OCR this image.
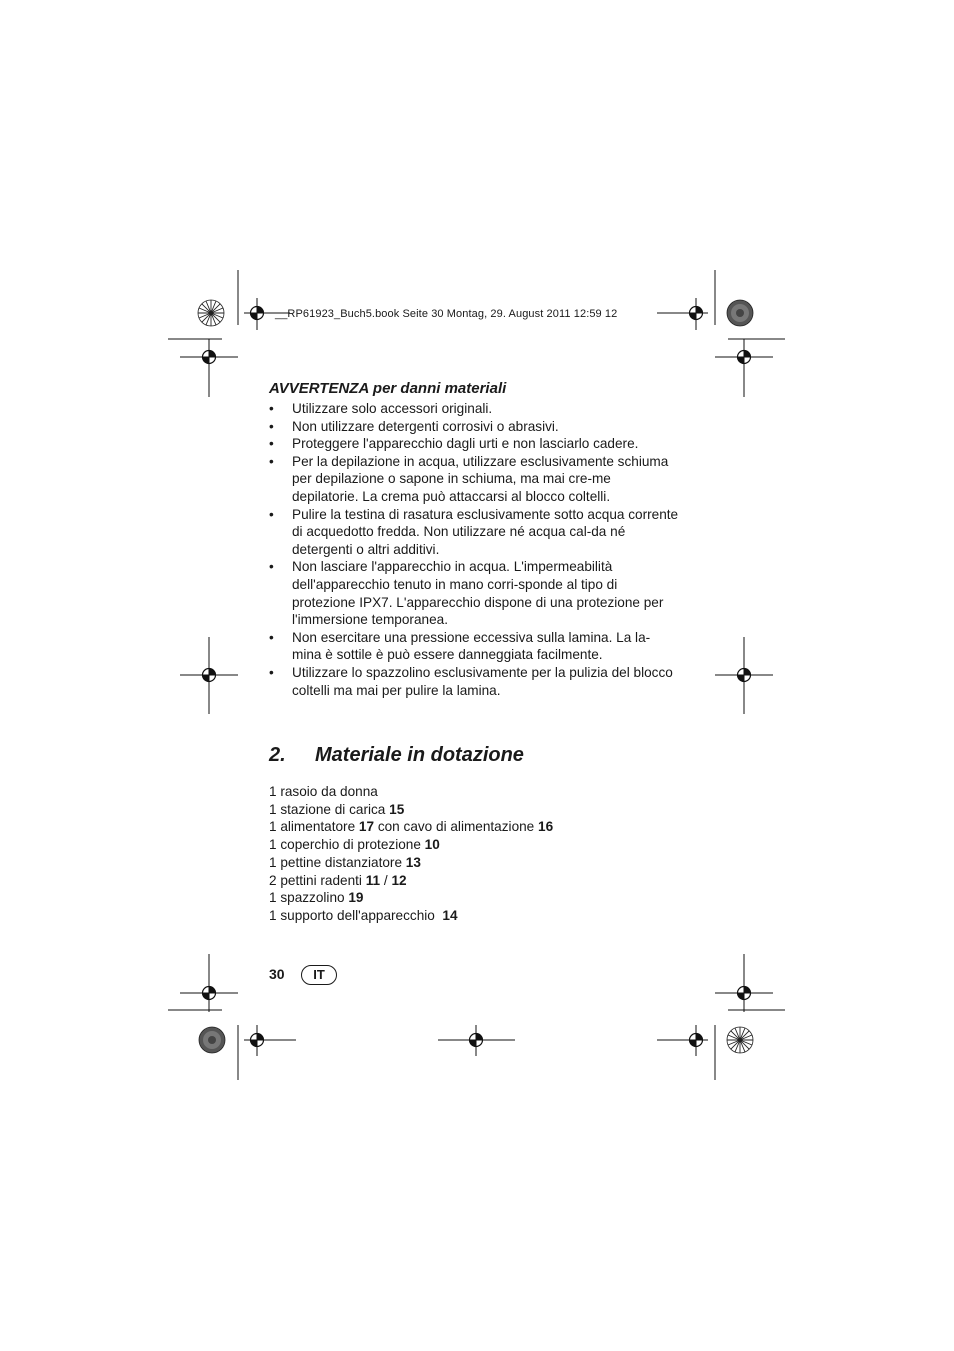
__RP61923_Buch5.book Seite 30 Montag, 29. August 2011 12:59 12
AVVERTENZA per danni materiali
• Utilizzare solo accessori originali.
• Non utilizzare detergenti corrosivi o abrasivi.
• Proteggere l'apparecchio dagli urti e non lasciarlo cadere.
• Per la depilazione in acqua, utilizzare esclusivamente schiuma per depilazione o sapone in schiuma, ma mai cre-me depilatorie. La crema può attaccarsi al blocco coltelli.
• Pulire la testina di rasatura esclusivamente sotto acqua corrente di acquedotto fredda. Non utilizzare né acqua cal-da né detergenti o altri additivi.
• Non lasciare l'apparecchio in acqua. L'impermeabilità dell'apparecchio tenuto in mano corri-sponde al tipo di protezione IPX7. L'apparecchio dispone di una protezione per l'immersione temporanea.
• Non esercitare una pressione eccessiva sulla lamina. La la-mina è sottile è può essere danneggiata facilmente.
• Utilizzare lo spazzolino esclusivamente per la pulizia del blocco coltelli ma mai per pulire la lamina.
2. Materiale in dotazione
1 rasoio da donna
1 stazione di carica 15
1 alimentatore 17 con cavo di alimentazione 16
1 coperchio di protezione 10
1 pettine distanziatore 13
2 pettini radenti 11 / 12
1 spazzolino 19
1 supporto dell'apparecchio  14
30	IT
